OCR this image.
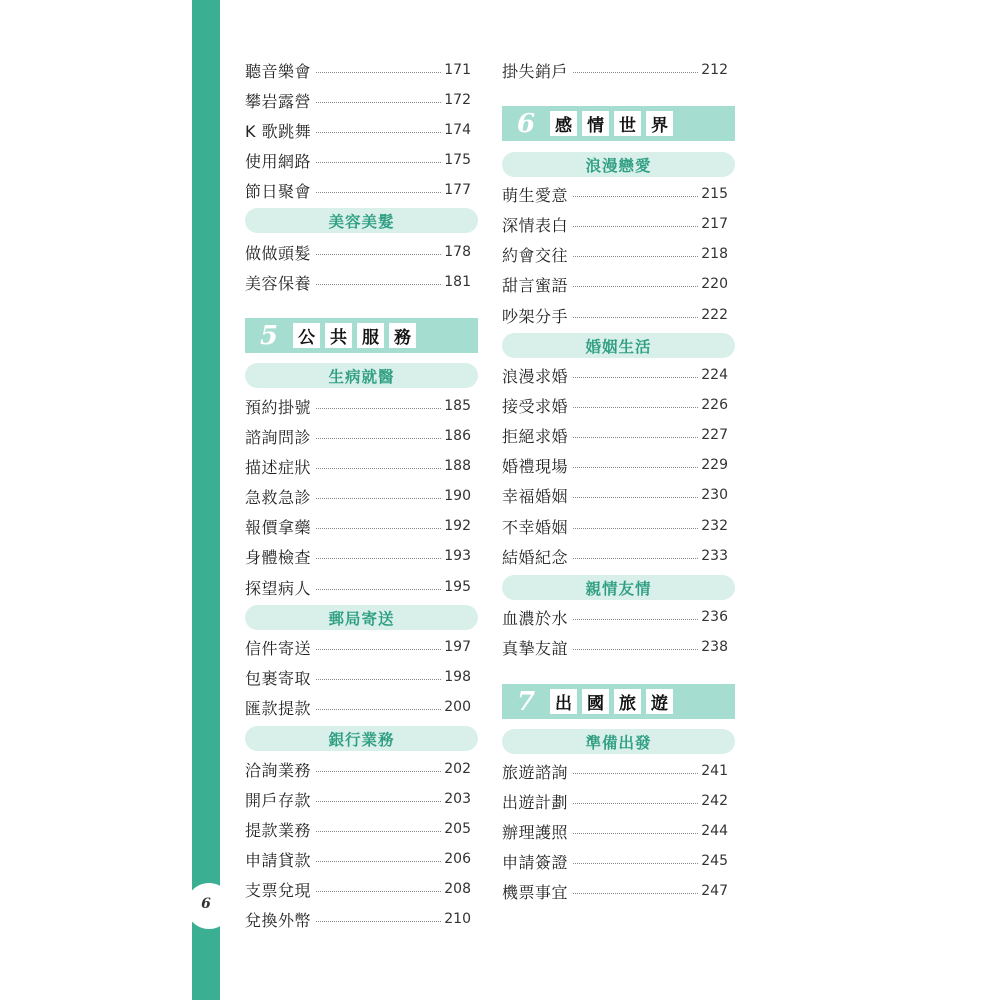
6
聽音樂會	171
攀岩露營	172
K 歌跳舞	174
使用網路	175
節日聚會	177
美容美髮
做做頭髮	178
美容保養	181
5	公 共 服 務
生病就醫
預約掛號	185
諮詢問診	186
描述症狀	188
急救急診	190
報價拿藥	192
身體檢查	193
探望病人	195
郵局寄送
信件寄送	197
包裹寄取	198
匯款提款	200
銀行業務
洽詢業務	202
開戶存款	203
提款業務	205
申請貸款	206
支票兌現	208
兌換外幣	210
掛失銷戶	212
6	感 情 世 界
浪漫戀愛
萌生愛意	215
深情表白	217
約會交往	218
甜言蜜語	220
吵架分手	222
婚姻生活
浪漫求婚	224
接受求婚	226
拒絕求婚	227
婚禮現場	229
幸福婚姻	230
不幸婚姻	232
結婚紀念	233
親情友情
血濃於水	236
真摯友誼	238
7	出 國 旅 遊
準備出發
旅遊諮詢	241
出遊計劃	242
辦理護照	244
申請簽證	245
機票事宜	247
